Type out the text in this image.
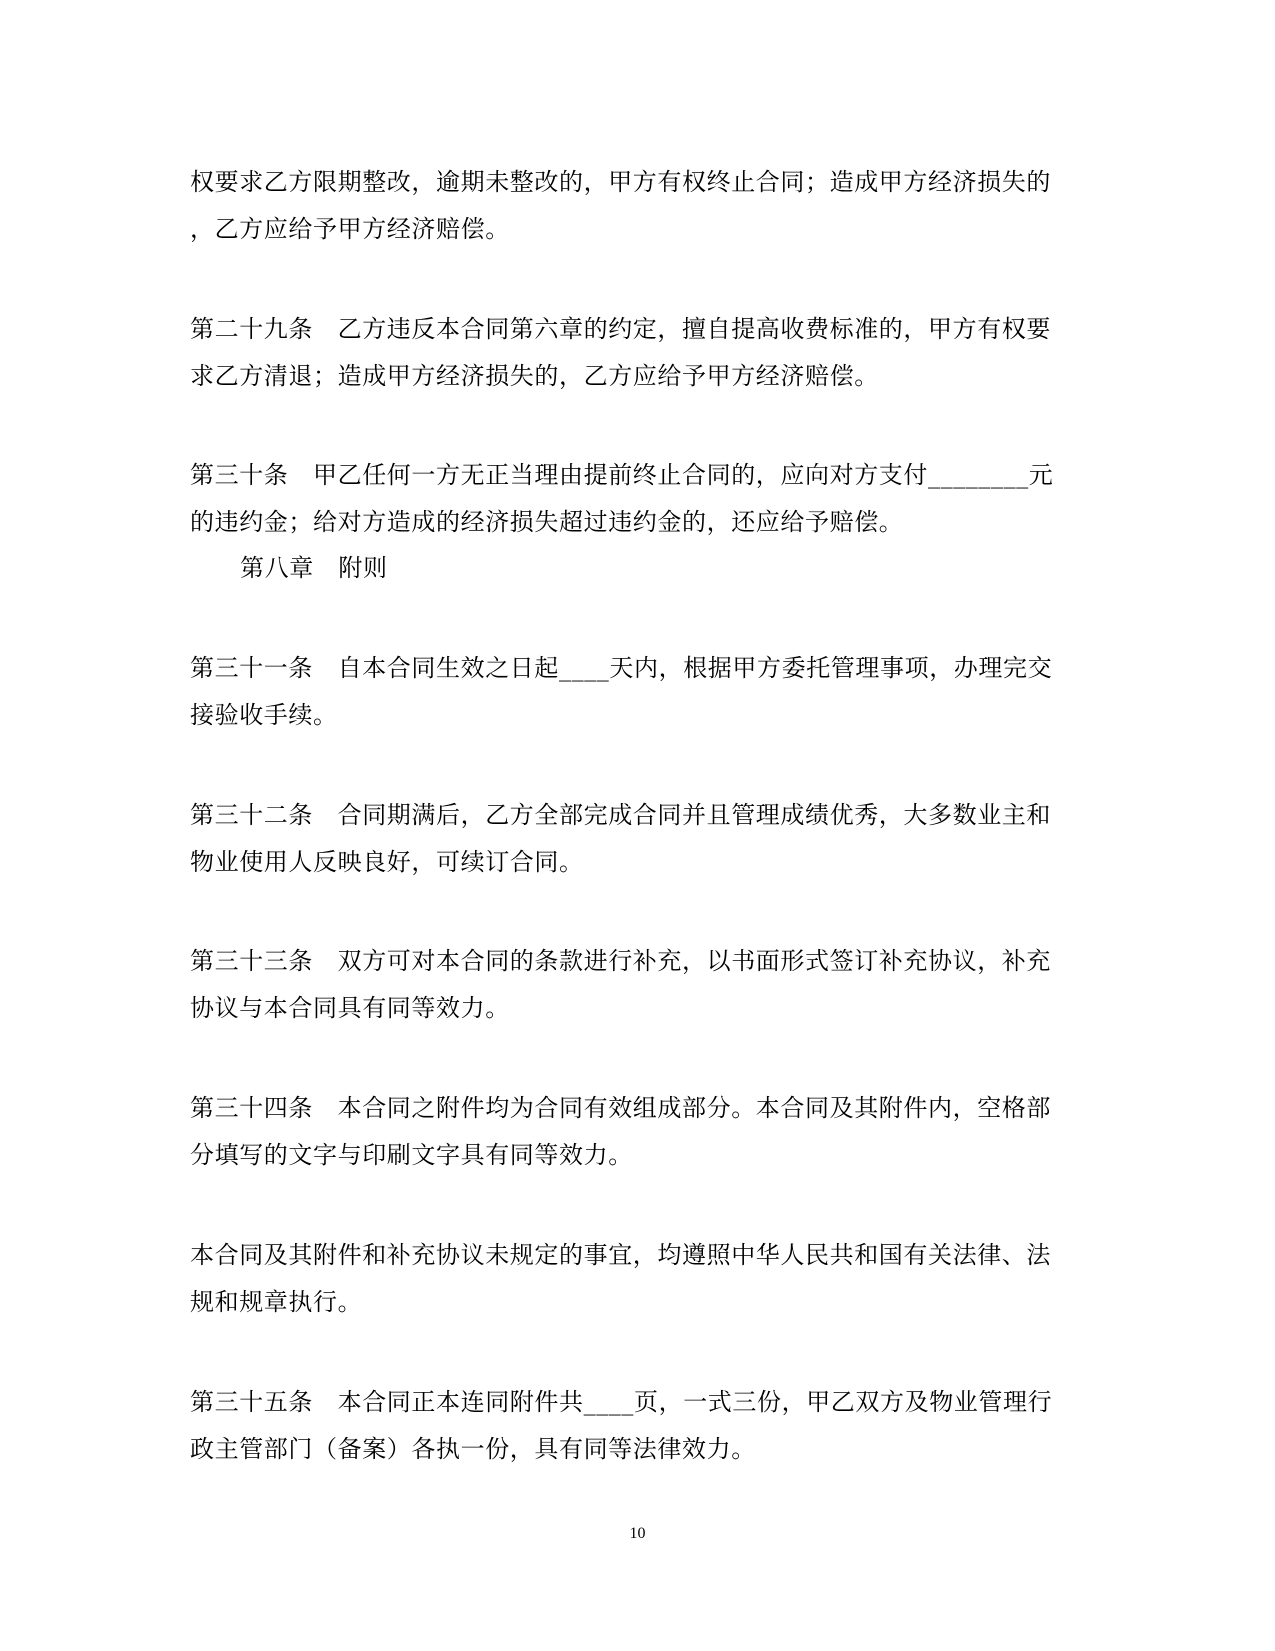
权要求乙方限期整改，逾期未整改的，甲方有权终止合同；造成甲方经济损失的
，乙方应给予甲方经济赔偿。
第二十九条　乙方违反本合同第六章的约定，擅自提高收费标准的，甲方有权要
求乙方清退；造成甲方经济损失的，乙方应给予甲方经济赔偿。
第三十条　甲乙任何一方无正当理由提前终止合同的，应向对方支付________元
的违约金；给对方造成的经济损失超过违约金的，还应给予赔偿。
第八章　附则
第三十一条　自本合同生效之日起____天内，根据甲方委托管理事项，办理完交
接验收手续。
第三十二条　合同期满后，乙方全部完成合同并且管理成绩优秀，大多数业主和
物业使用人反映良好，可续订合同。
第三十三条　双方可对本合同的条款进行补充，以书面形式签订补充协议，补充
协议与本合同具有同等效力。
第三十四条　本合同之附件均为合同有效组成部分。本合同及其附件内，空格部
分填写的文字与印刷文字具有同等效力。
本合同及其附件和补充协议未规定的事宜，均遵照中华人民共和国有关法律、法
规和规章执行。
第三十五条　本合同正本连同附件共____页，一式三份，甲乙双方及物业管理行
政主管部门（备案）各执一份，具有同等法律效力。
10
